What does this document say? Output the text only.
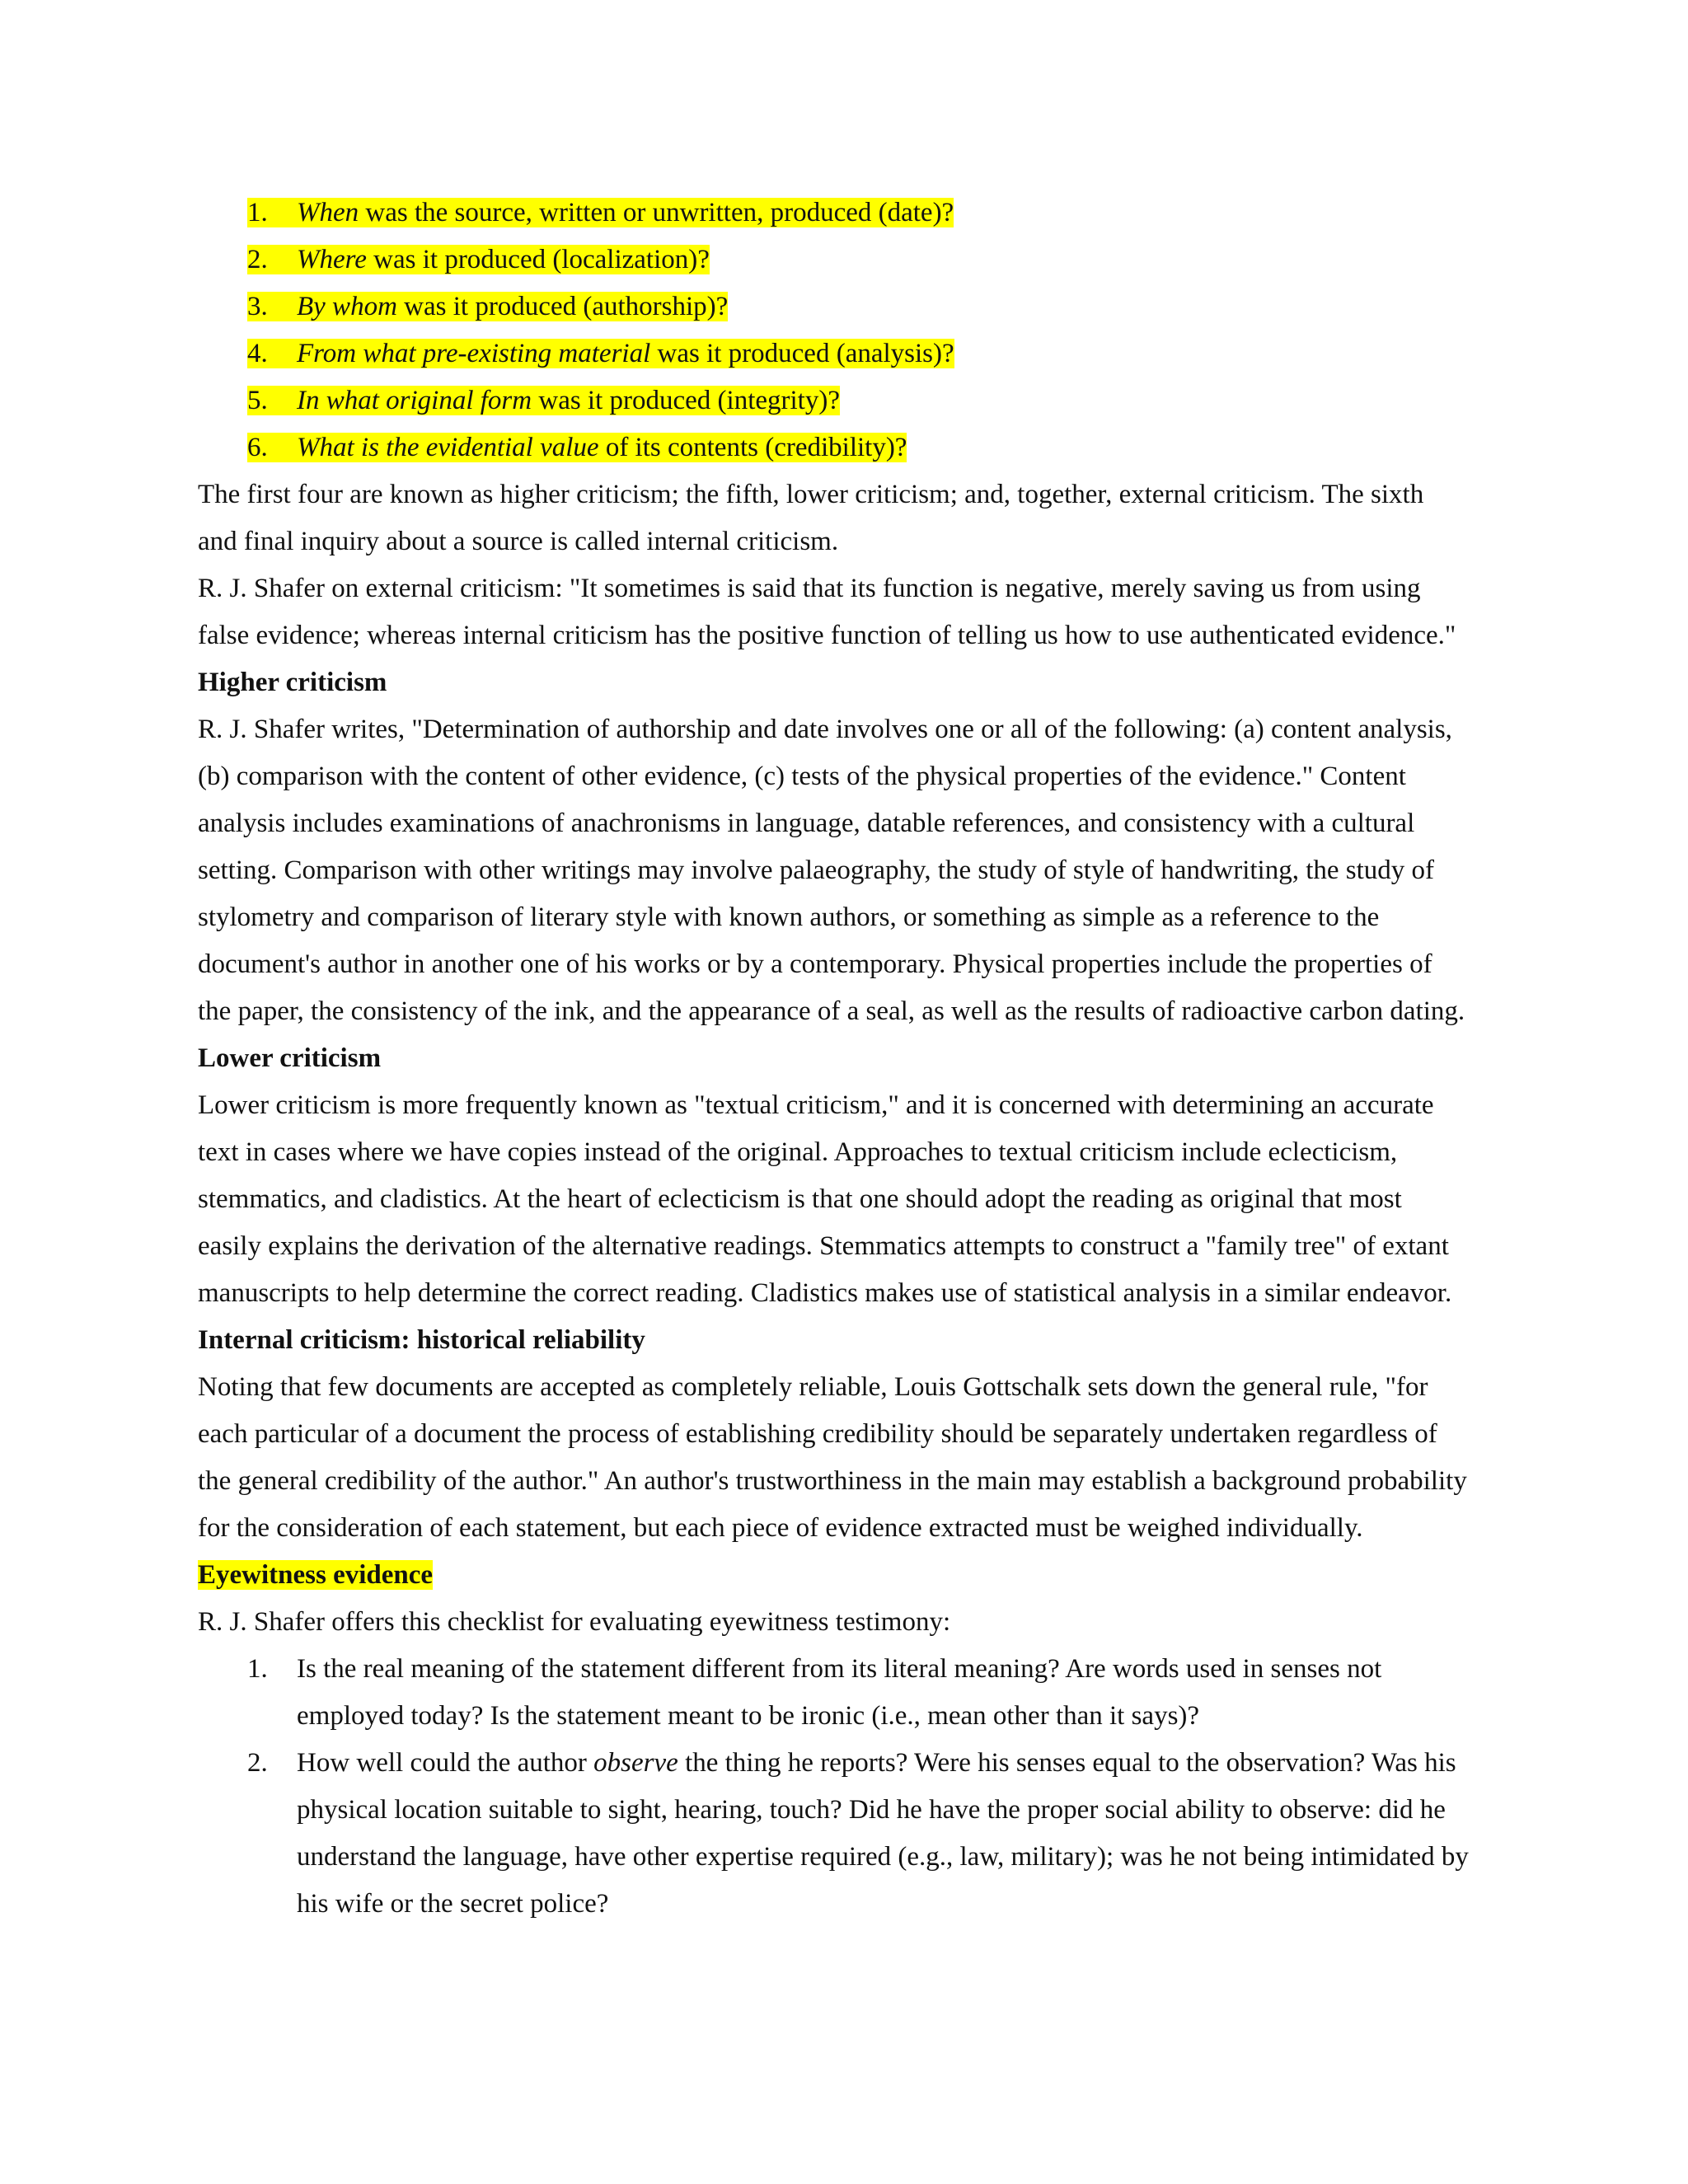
1. When was the source, written or unwritten, produced (date)?
2. Where was it produced (localization)?
3. By whom was it produced (authorship)?
4. From what pre-existing material was it produced (analysis)?
5. In what original form was it produced (integrity)?
6. What is the evidential value of its contents (credibility)?
The first four are known as higher criticism; the fifth, lower criticism; and, together, external criticism. The sixth
and final inquiry about a source is called internal criticism.
R. J. Shafer on external criticism: "It sometimes is said that its function is negative, merely saving us from using
false evidence; whereas internal criticism has the positive function of telling us how to use authenticated evidence."
Higher criticism
R. J. Shafer writes, "Determination of authorship and date involves one or all of the following: (a) content analysis,
(b) comparison with the content of other evidence, (c) tests of the physical properties of the evidence." Content
analysis includes examinations of anachronisms in language, datable references, and consistency with a cultural
setting. Comparison with other writings may involve palaeography, the study of style of handwriting, the study of
stylometry and comparison of literary style with known authors, or something as simple as a reference to the
document's author in another one of his works or by a contemporary. Physical properties include the properties of
the paper, the consistency of the ink, and the appearance of a seal, as well as the results of radioactive carbon dating.
Lower criticism
Lower criticism is more frequently known as "textual criticism," and it is concerned with determining an accurate
text in cases where we have copies instead of the original. Approaches to textual criticism include eclecticism,
stemmatics, and cladistics. At the heart of eclecticism is that one should adopt the reading as original that most
easily explains the derivation of the alternative readings. Stemmatics attempts to construct a "family tree" of extant
manuscripts to help determine the correct reading. Cladistics makes use of statistical analysis in a similar endeavor.
Internal criticism: historical reliability
Noting that few documents are accepted as completely reliable, Louis Gottschalk sets down the general rule, "for
each particular of a document the process of establishing credibility should be separately undertaken regardless of
the general credibility of the author." An author's trustworthiness in the main may establish a background probability
for the consideration of each statement, but each piece of evidence extracted must be weighed individually.
Eyewitness evidence
R. J. Shafer offers this checklist for evaluating eyewitness testimony:
1. Is the real meaning of the statement different from its literal meaning? Are words used in senses not
employed today? Is the statement meant to be ironic (i.e., mean other than it says)?
2. How well could the author observe the thing he reports? Were his senses equal to the observation? Was his
physical location suitable to sight, hearing, touch? Did he have the proper social ability to observe: did he
understand the language, have other expertise required (e.g., law, military); was he not being intimidated by
his wife or the secret police?
